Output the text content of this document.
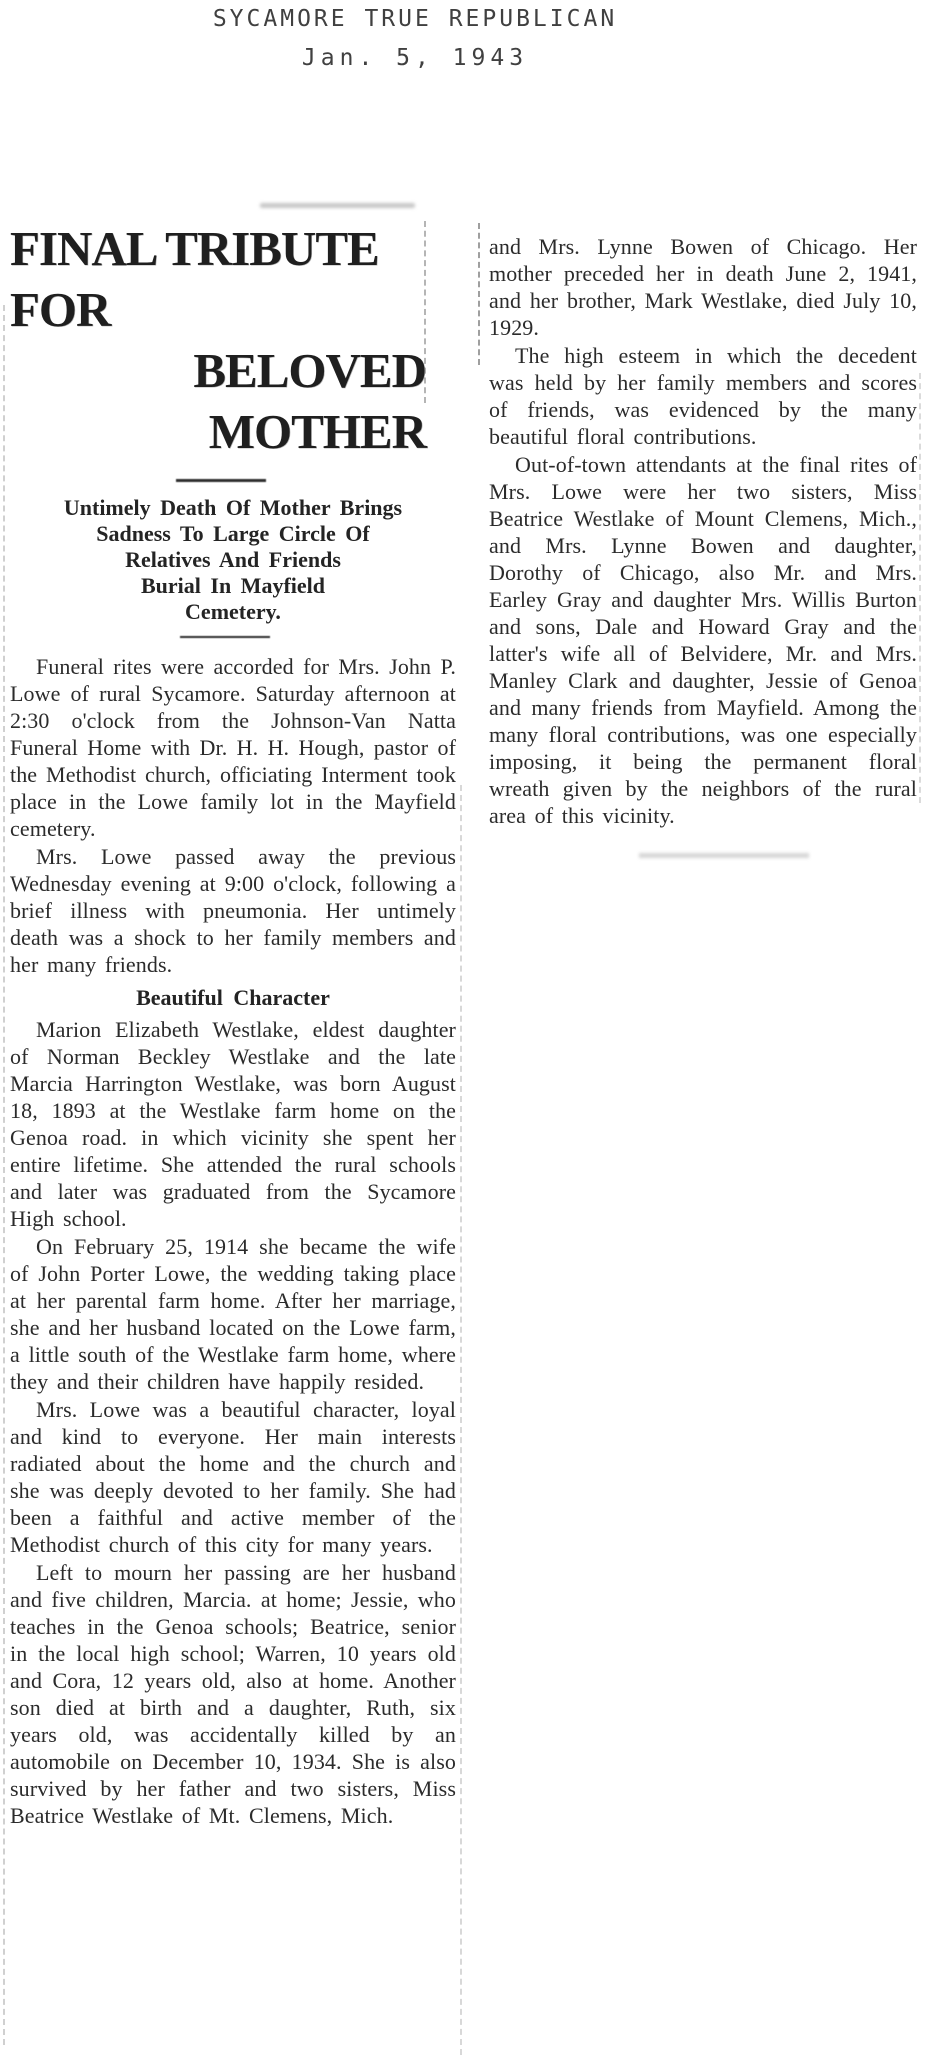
SYCAMORE TRUE REPUBLICAN
Jan. 5, 1943
FINAL TRIBUTE FOR
BELOVED MOTHER
Untimely Death Of Mother Brings
Sadness To Large Circle Of
Relatives And Friends
Burial In Mayfield
Cemetery.

Funeral rites were accorded for Mrs. John P. Lowe of rural Sycamore. Saturday afternoon at 2:30 o'clock from the Johnson-Van Natta Funeral Home with Dr. H. H. Hough, pastor of the Methodist church, officiating Interment took place in the Lowe family lot in the Mayfield cemetery.

Mrs. Lowe passed away the previous Wednesday evening at 9:00 o'clock, following a brief illness with pneumonia. Her untimely death was a shock to her family members and her many friends.

Beautiful Character

Marion Elizabeth Westlake, eldest daughter of Norman Beckley Westlake and the late Marcia Harrington Westlake, was born August 18, 1893 at the Westlake farm home on the Genoa road. in which vicinity she spent her entire lifetime. She attended the rural schools and later was graduated from the Sycamore High school.

On February 25, 1914 she became the wife of John Porter Lowe, the wedding taking place at her parental farm home. After her marriage, she and her husband located on the Lowe farm, a little south of the Westlake farm home, where they and their children have happily resided.

Mrs. Lowe was a beautiful character, loyal and kind to everyone. Her main interests radiated about the home and the church and she was deeply devoted to her family. She had been a faithful and active member of the Methodist church of this city for many years.

Left to mourn her passing are her husband and five children, Marcia. at home; Jessie, who teaches in the Genoa schools; Beatrice, senior in the local high school; Warren, 10 years old and Cora, 12 years old, also at home. Another son died at birth and a daughter, Ruth, six years old, was accidentally killed by an automobile on December 10, 1934. She is also survived by her father and two sisters, Miss Beatrice Westlake of Mt. Clemens, Mich.

and Mrs. Lynne Bowen of Chicago. Her mother preceded her in death June 2, 1941, and her brother, Mark Westlake, died July 10, 1929.

The high esteem in which the decedent was held by her family members and scores of friends, was evidenced by the many beautiful floral contributions.

Out-of-town attendants at the final rites of Mrs. Lowe were her two sisters, Miss Beatrice Westlake of Mount Clemens, Mich., and Mrs. Lynne Bowen and daughter, Dorothy of Chicago, also Mr. and Mrs. Earley Gray and daughter Mrs. Willis Burton and sons, Dale and Howard Gray and the latter's wife all of Belvidere, Mr. and Mrs. Manley Clark and daughter, Jessie of Genoa and many friends from Mayfield. Among the many floral contributions, was one especially imposing, it being the permanent floral wreath given by the neighbors of the rural area of this vicinity.
